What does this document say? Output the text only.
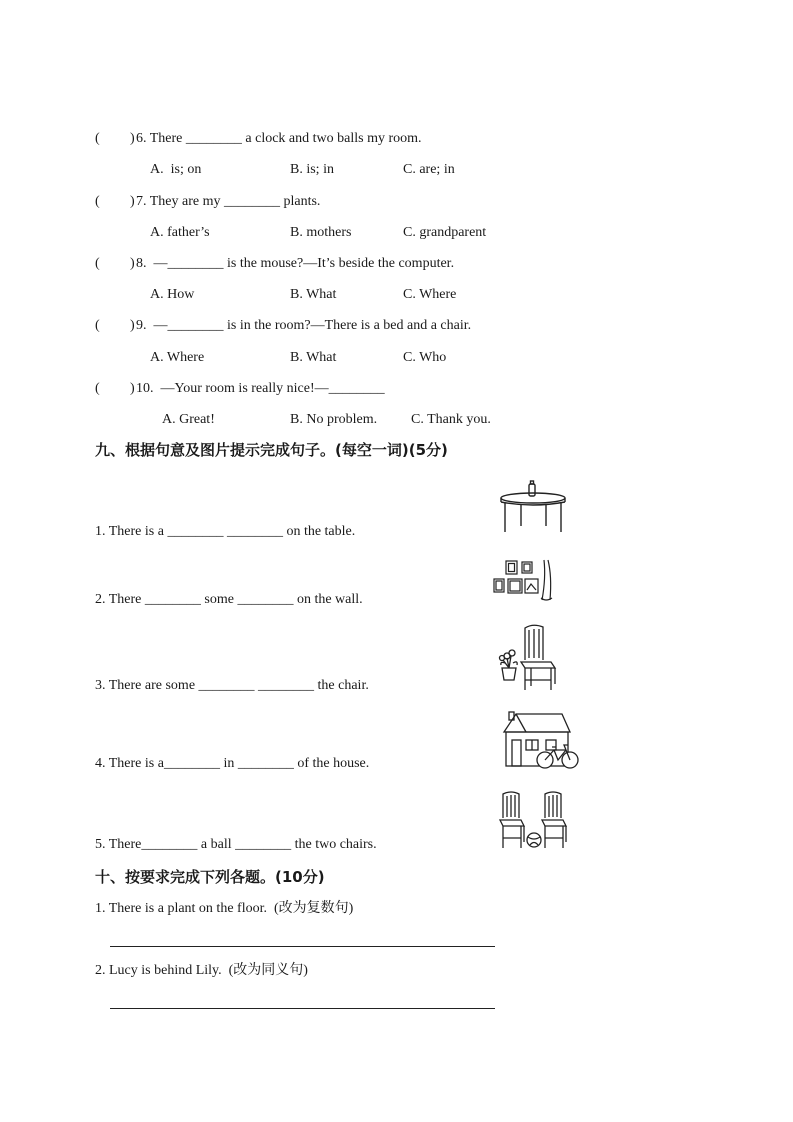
( ) 6. There ________ a clock and two balls my room.
A.  is; on	B. is; in	C. are; in
( ) 7. They are my ________ plants.
A. father’s	B. mothers	C. grandparent
( ) 8.  —________ is the mouse?—It’s beside the computer.
A. How	B. What	C. Where
( ) 9.  —________ is in the room?—There is a bed and a chair.
A. Where	B. What	C. Who
( ) 10.  —Your room is really nice!—________
A. Great!	B. No problem. C. Thank you.
九、根据句意及图片提示完成句子。(每空一词)(5分)
1. There is a ________ ________ on the table.
2. There ________ some ________ on the wall.
3. There are some ________ ________ the chair.
4. There is a________ in ________ of the house.
5. There________ a ball ________ the two chairs.
十、按要求完成下列各题。(10分)
1. There is a plant on the floor.  (改为复数句)
2. Lucy is behind Lily.  (改为同义句)
